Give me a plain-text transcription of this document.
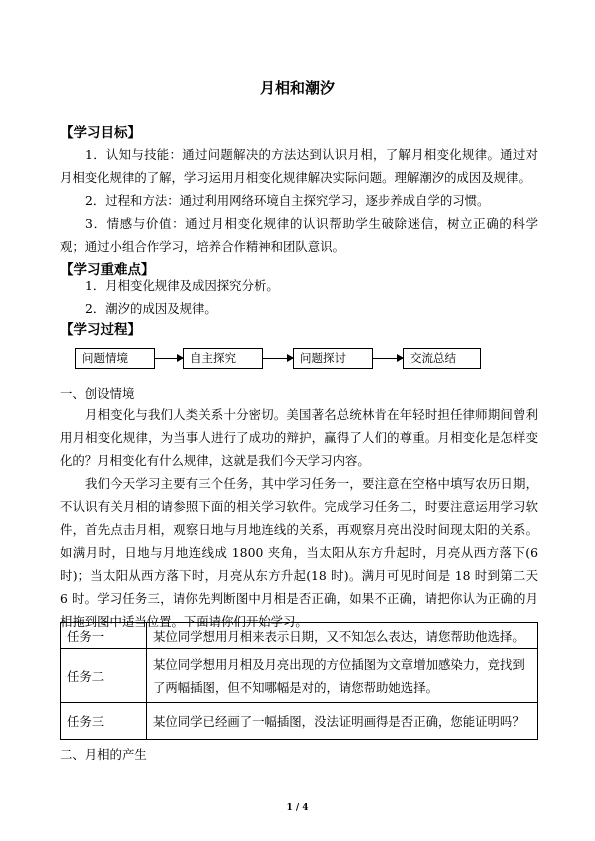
月相和潮汐
【学习目标】
1．认知与技能：通过问题解决的方法达到认识月相，了解月相变化规律。通过对月相变化规律的了解，学习运用月相变化规律解决实际问题。理解潮汐的成因及规律。
2．过程和方法：通过利用网络环境自主探究学习，逐步养成自学的习惯。
3．情感与价值：通过月相变化规律的认识帮助学生破除迷信，树立正确的科学观；通过小组合作学习，培养合作精神和团队意识。
【学习重难点】
1．月相变化规律及成因探究分析。
2．潮汐的成因及规律。
【学习过程】
问题情境	自主探究	问题探讨	交流总结
一、创设情境
月相变化与我们人类关系十分密切。美国著名总统林肯在年轻时担任律师期间曾利用月相变化规律，为当事人进行了成功的辩护，赢得了人们的尊重。月相变化是怎样变化的？月相变化有什么规律，这就是我们今天学习内容。
我们今天学习主要有三个任务，其中学习任务一，要注意在空格中填写农历日期，不认识有关月相的请参照下面的相关学习软件。完成学习任务二，时要注意运用学习软件，首先点击月相，观察日地与月地连线的关系，再观察月亮出没时间现太阳的关系。如满月时，日地与月地连线成 1800 夹角，当太阳从东方升起时，月亮从西方落下(6 时)；当太阳从西方落下时，月亮从东方升起(18 时)。满月可见时间是 18 时到第二天 6 时。学习任务三，请你先判断图中月相是否正确，如果不正确，请把你认为正确的月相拖到图中适当位置。下面请你们开始学习。
任务一	某位同学想用月相来表示日期，又不知怎么表达，请您帮助他选择。
任务二	某位同学想用月相及月亮出现的方位插图为文章增加感染力，竞找到了两幅插图，但不知哪幅是对的，请您帮助她选择。
任务三	某位同学已经画了一幅插图，没法证明画得是否正确，您能证明吗？
二、月相的产生
1 / 4
